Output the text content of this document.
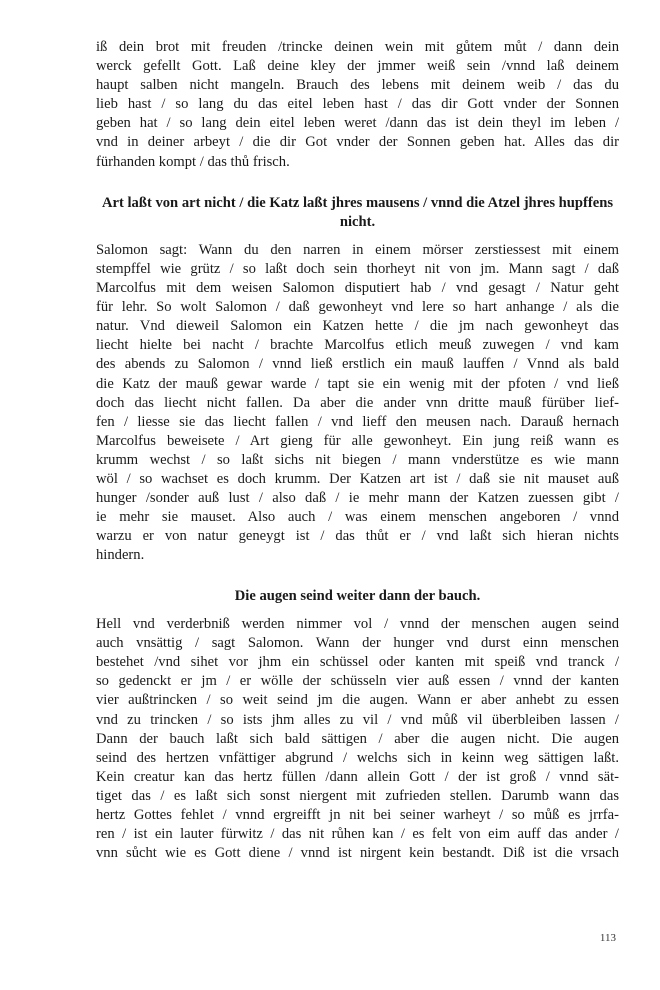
iß dein brot mit freuden /trincke deinen wein mit gůtem můt / dann dein
werck gefellt Gott. Laß deine kley der jmmer weiß sein /vnnd laß deinem
haupt salben nicht mangeln. Brauch des lebens mit deinem weib / das du
lieb hast / so lang du das eitel leben hast / das dir Gott vnder der Sonnen
geben hat / so lang dein eitel leben weret /dann das ist dein theyl im leben /
vnd in deiner arbeyt / die dir Got vnder der Sonnen geben hat. Alles das dir
fürhanden kompt / das thů frisch.

Art laßt von art nicht / die Katz laßt jhres mausens / vnnd die Atzel jhres hupffens nicht.

Salomon sagt: Wann du den narren in einem mörser zerstiessest mit einem
stempffel wie grütz / so laßt doch sein thorheyt nit von jm. Mann sagt / daß
Marcolfus mit dem weisen Salomon disputiert hab / vnd gesagt / Natur geht
für lehr. So wolt Salomon / daß gewonheyt vnd lere so hart anhange / als die
natur. Vnd dieweil Salomon ein Katzen hette / die jm nach gewonheyt das
liecht hielte bei nacht / brachte Marcolfus etlich meuß zuwegen / vnd kam
des abends zu Salomon / vnnd ließ erstlich ein mauß lauffen / Vnnd als bald
die Katz der mauß gewar warde / tapt sie ein wenig mit der pfoten / vnd ließ
doch das liecht nicht fallen. Da aber die ander vnn dritte mauß fürüber lief-
fen / liesse sie das liecht fallen / vnd lieff den meusen nach. Darauß hernach
Marcolfus beweisete / Art gieng für alle gewonheyt. Ein jung reiß wann es
krumm wechst / so laßt sichs nit biegen / mann vnderstütze es wie mann
wöl / so wachset es doch krumm. Der Katzen art ist / daß sie nit mauset auß
hunger /sonder auß lust / also daß / ie mehr mann der Katzen zuessen gibt /
ie mehr sie mauset. Also auch / was einem menschen angeboren / vnnd
warzu er von natur geneygt ist / das thůt er / vnd laßt sich hieran nichts
hindern.

Die augen seind weiter dann der bauch.

Hell vnd verderbniß werden nimmer vol / vnnd der menschen augen seind
auch vnsättig / sagt Salomon. Wann der hunger vnd durst einn menschen
bestehet /vnd sihet vor jhm ein schüssel oder kanten mit speiß vnd tranck /
so gedenckt er jm / er wölle der schüsseln vier auß essen / vnnd der kanten
vier außtrincken / so weit seind jm die augen. Wann er aber anhebt zu essen
vnd zu trincken / so ists jhm alles zu vil / vnd můß vil überbleiben lassen /
Dann der bauch laßt sich bald sättigen / aber die augen nicht. Die augen
seind des hertzen vnfättiger abgrund / welchs sich in keinn weg sättigen laßt.
Kein creatur kan das hertz füllen /dann allein Gott / der ist groß / vnnd sät-
tiget das / es laßt sich sonst niergent mit zufrieden stellen. Darumb wann das
hertz Gottes fehlet / vnnd ergreifft jn nit bei seiner warheyt / so můß es jrrfa-
ren / ist ein lauter fürwitz / das nit růhen kan / es felt von eim auff das ander /
vnn sůcht wie es Gott diene / vnnd ist nirgent kein bestandt. Diß ist die vrsach

113
